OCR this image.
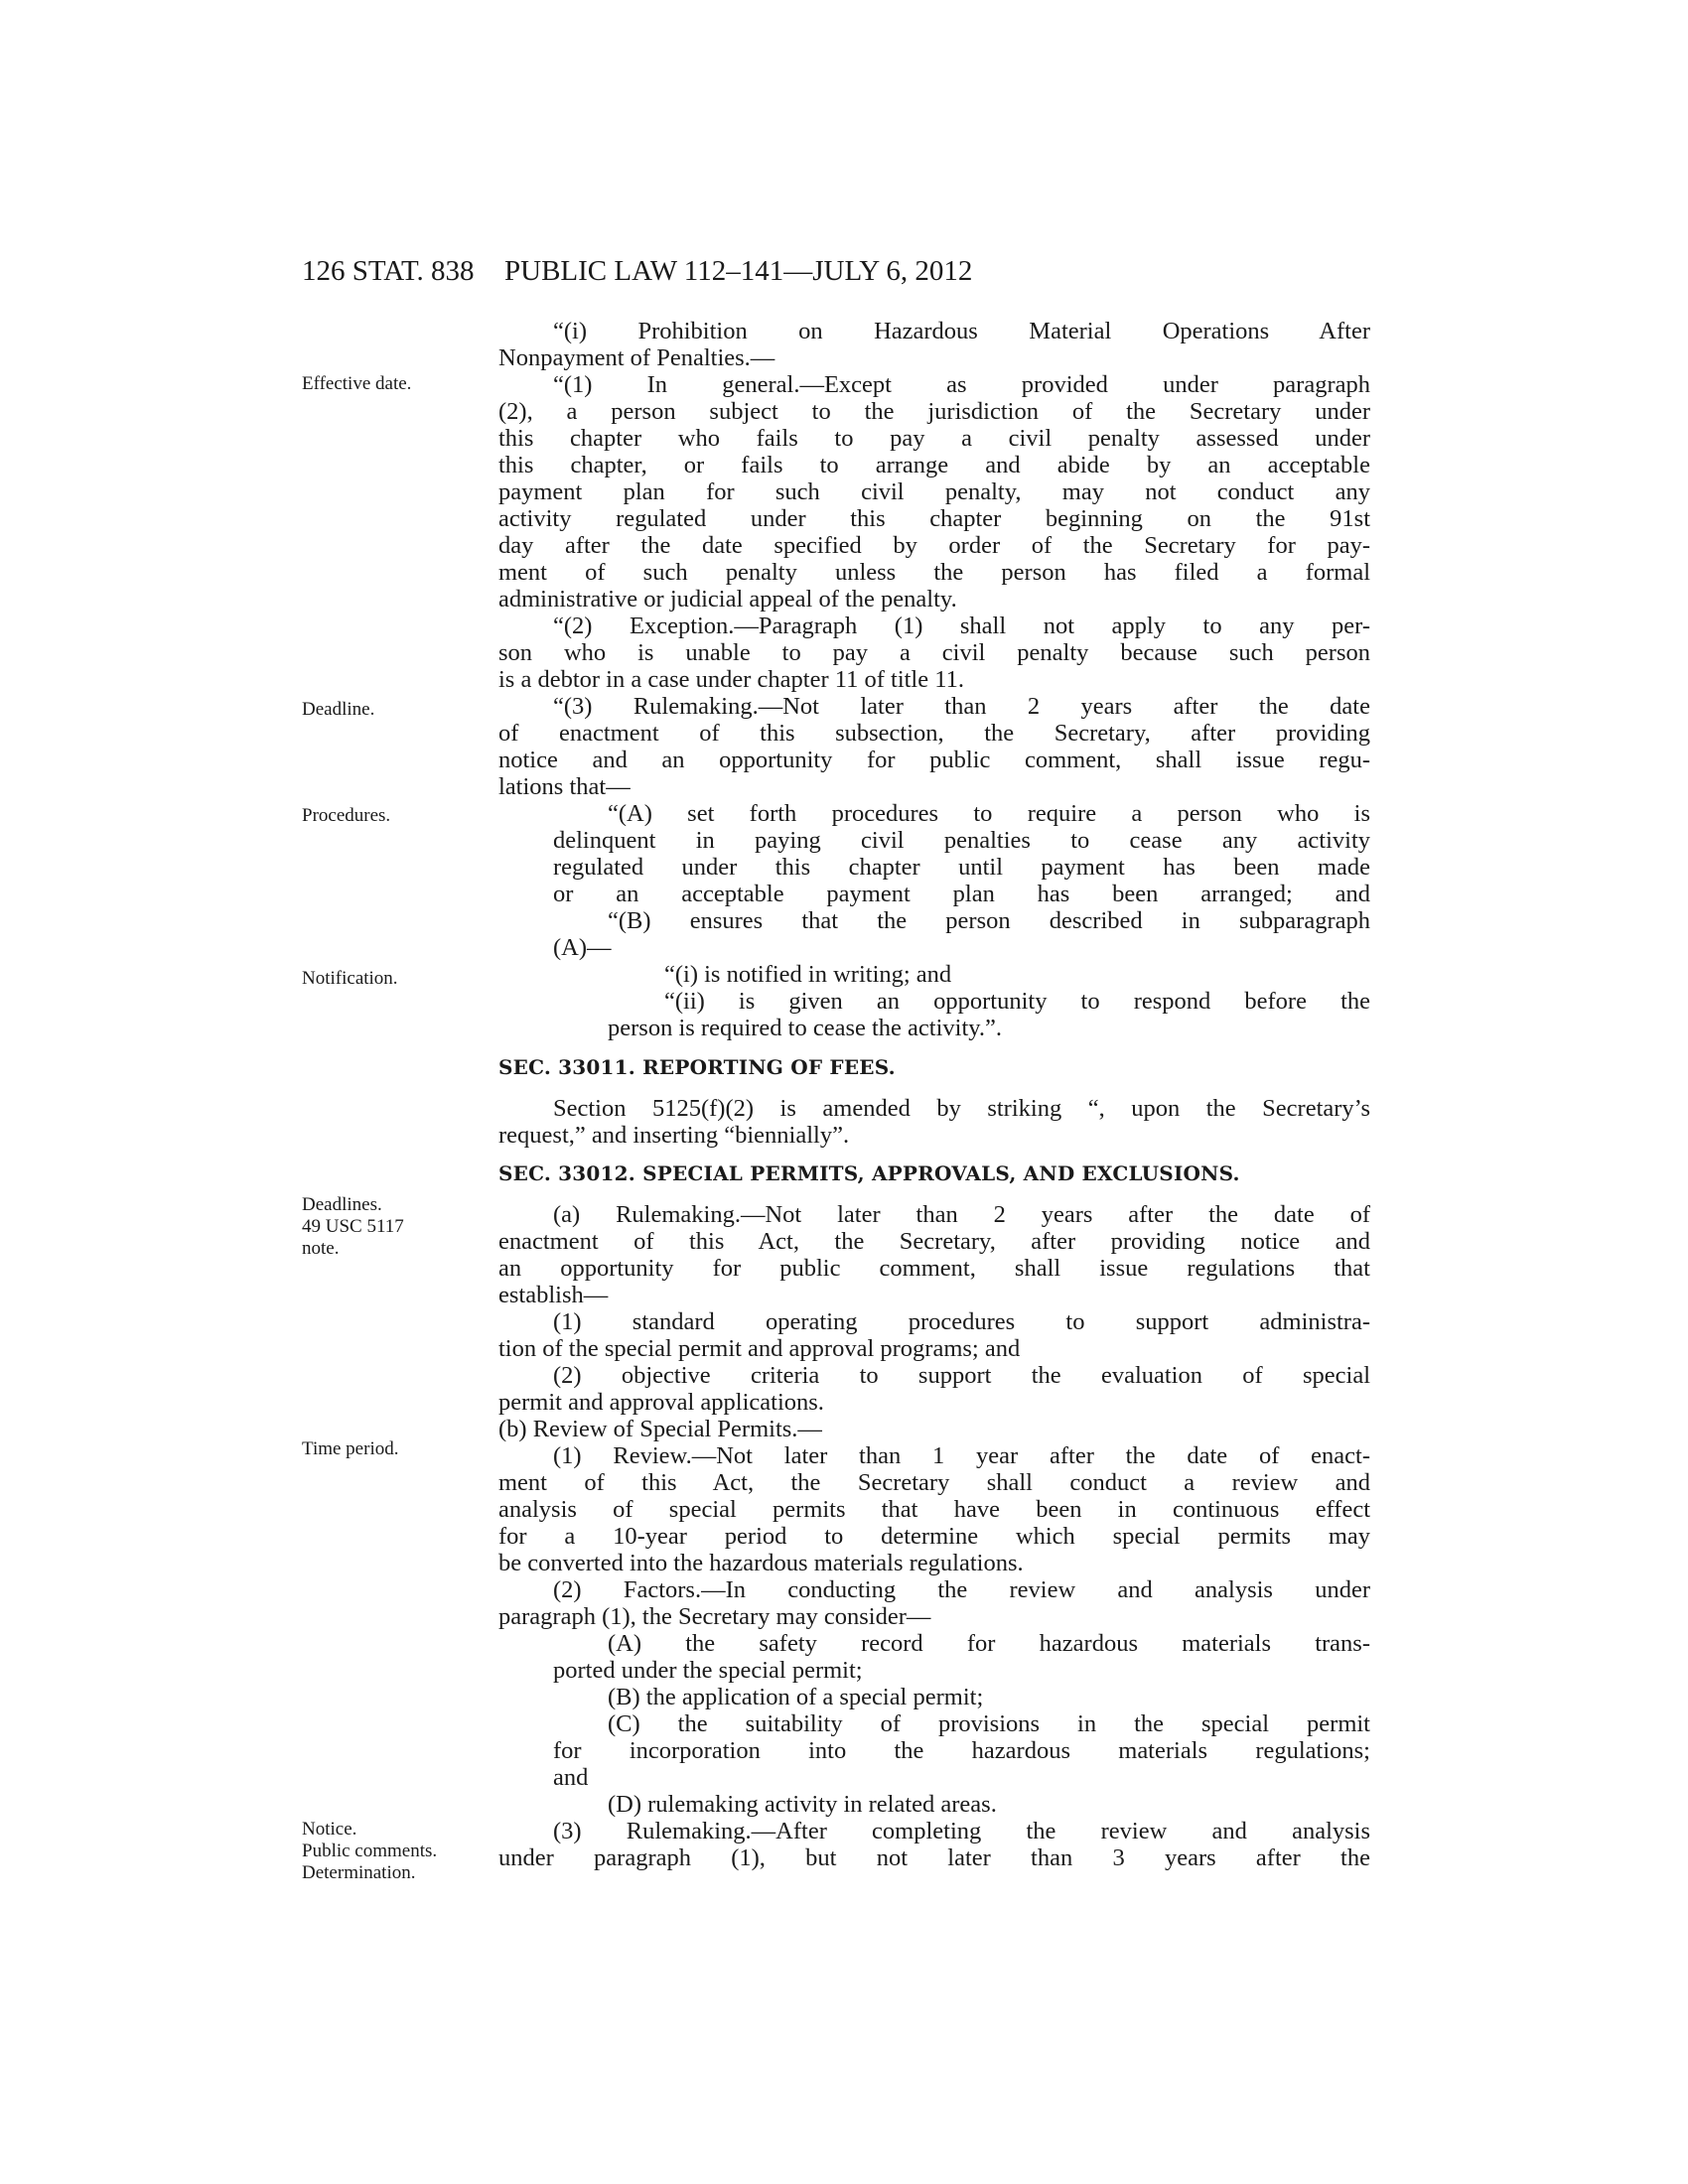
126 STAT. 838 PUBLIC LAW 112–141—JULY 6, 2012
Effective date.
Deadline.
Procedures.
Notification.
Deadlines.
49 USC 5117
note.
Time period.
Notice.
Public comments.
Determination.
“(i) Prohibition on Hazardous Material Operations After
Nonpayment of Penalties.—
“(1) In general.—Except as provided under paragraph
(2), a person subject to the jurisdiction of the Secretary under
this chapter who fails to pay a civil penalty assessed under
this chapter, or fails to arrange and abide by an acceptable
payment plan for such civil penalty, may not conduct any
activity regulated under this chapter beginning on the 91st
day after the date specified by order of the Secretary for pay-
ment of such penalty unless the person has filed a formal
administrative or judicial appeal of the penalty.
“(2) Exception.—Paragraph (1) shall not apply to any per-
son who is unable to pay a civil penalty because such person
is a debtor in a case under chapter 11 of title 11.
“(3) Rulemaking.—Not later than 2 years after the date
of enactment of this subsection, the Secretary, after providing
notice and an opportunity for public comment, shall issue regu-
lations that—
“(A) set forth procedures to require a person who is
delinquent in paying civil penalties to cease any activity
regulated under this chapter until payment has been made
or an acceptable payment plan has been arranged; and
“(B) ensures that the person described in subparagraph
(A)—
“(i) is notified in writing; and
“(ii) is given an opportunity to respond before the
person is required to cease the activity.”.
SEC. 33011. REPORTING OF FEES.
Section 5125(f)(2) is amended by striking “, upon the Secretary’s
request,” and inserting “biennially”.
SEC. 33012. SPECIAL PERMITS, APPROVALS, AND EXCLUSIONS.
(a) Rulemaking.—Not later than 2 years after the date of
enactment of this Act, the Secretary, after providing notice and
an opportunity for public comment, shall issue regulations that
establish—
(1) standard operating procedures to support administra-
tion of the special permit and approval programs; and
(2) objective criteria to support the evaluation of special
permit and approval applications.
(b) Review of Special Permits.—
(1) Review.—Not later than 1 year after the date of enact-
ment of this Act, the Secretary shall conduct a review and
analysis of special permits that have been in continuous effect
for a 10-year period to determine which special permits may
be converted into the hazardous materials regulations.
(2) Factors.—In conducting the review and analysis under
paragraph (1), the Secretary may consider—
(A) the safety record for hazardous materials trans-
ported under the special permit;
(B) the application of a special permit;
(C) the suitability of provisions in the special permit
for incorporation into the hazardous materials regulations;
and
(D) rulemaking activity in related areas.
(3) Rulemaking.—After completing the review and analysis
under paragraph (1), but not later than 3 years after the
